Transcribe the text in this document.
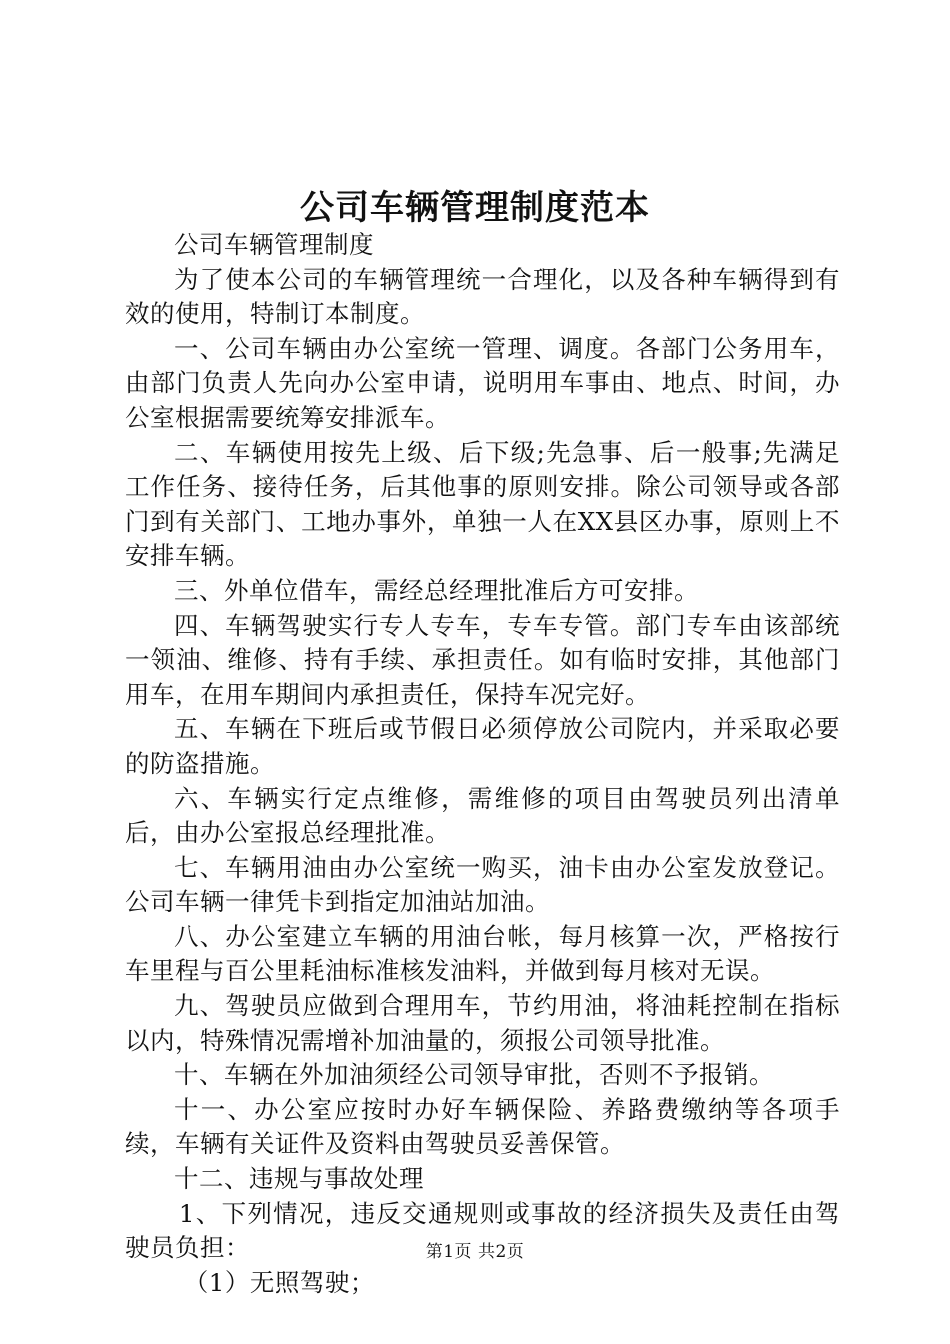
公司车辆管理制度范本

公司车辆管理制度

为了使本公司的车辆管理统一合理化，以及各种车辆得到有效的使用，特制订本制度。

一、公司车辆由办公室统一管理、调度。各部门公务用车，由部门负责人先向办公室申请，说明用车事由、地点、时间，办公室根据需要统筹安排派车。

二、车辆使用按先上级、后下级;先急事、后一般事;先满足工作任务、接待任务，后其他事的原则安排。除公司领导或各部门到有关部门、工地办事外，单独一人在XX县区办事，原则上不安排车辆。

三、外单位借车，需经总经理批准后方可安排。

四、车辆驾驶实行专人专车，专车专管。部门专车由该部统一领油、维修、持有手续、承担责任。如有临时安排，其他部门用车，在用车期间内承担责任，保持车况完好。

五、车辆在下班后或节假日必须停放公司院内，并采取必要的防盗措施。

六、车辆实行定点维修，需维修的项目由驾驶员列出清单后，由办公室报总经理批准。

七、车辆用油由办公室统一购买，油卡由办公室发放登记。公司车辆一律凭卡到指定加油站加油。

八、办公室建立车辆的用油台帐，每月核算一次，严格按行车里程与百公里耗油标准核发油料，并做到每月核对无误。

九、驾驶员应做到合理用车，节约用油，将油耗控制在指标以内，特殊情况需增补加油量的，须报公司领导批准。

十、车辆在外加油须经公司领导审批，否则不予报销。

十一、办公室应按时办好车辆保险、养路费缴纳等各项手续，车辆有关证件及资料由驾驶员妥善保管。

十二、违规与事故处理

1、下列情况，违反交通规则或事故的经济损失及责任由驾驶员负担：

（1）无照驾驶；

第1页 共2页
